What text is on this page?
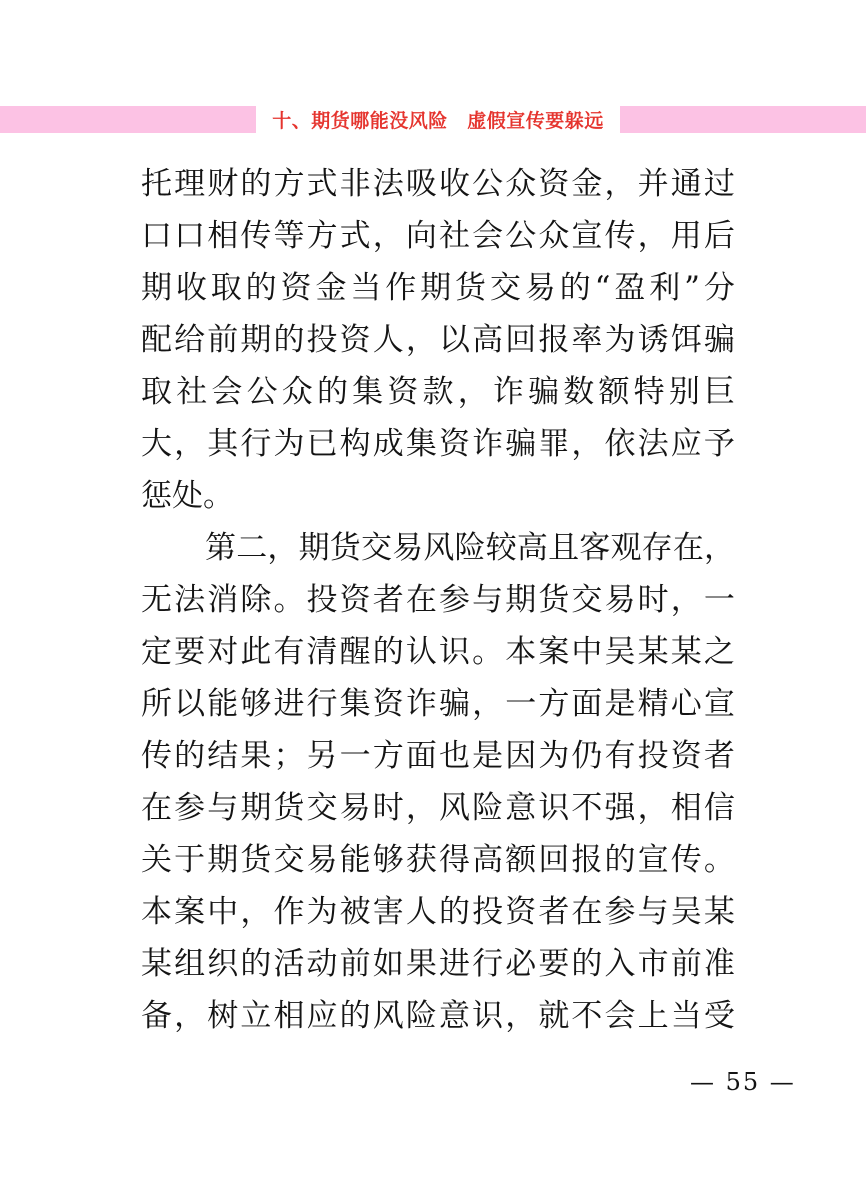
十、期货哪能没风险　虚假宣传要躲远
托 理 财 的 方 式 非 法 吸 收 公 众 资 金 ， 并 通 过
口 口 相 传 等 方 式 ， 向 社 会 公 众 宣 传 ， 用 后
期 收 取 的 资 金 当 作 期 货 交 易 的 “ 盈 利 ” 分
配 给 前 期 的 投 资 人 ， 以 高 回 报 率 为 诱 饵 骗
取 社 会 公 众 的 集 资 款 ， 诈 骗 数 额 特 别 巨
大 ， 其 行 为 已 构 成 集 资 诈 骗 罪 ， 依 法 应 予
惩处。
第 二 ， 期 货 交 易 风 险 较 高 且 客 观 存 在 ，
无 法 消 除 。 投 资 者 在 参 与 期 货 交 易 时 ， 一
定 要 对 此 有 清 醒 的 认 识 。 本 案 中 吴 某 某 之
所 以 能 够 进 行 集 资 诈 骗 ， 一 方 面 是 精 心 宣
传 的 结 果 ； 另 一 方 面 也 是 因 为 仍 有 投 资 者
在 参 与 期 货 交 易 时 ， 风 险 意 识 不 强 ， 相 信
关 于 期 货 交 易 能 够 获 得 高 额 回 报 的 宣 传 。
本 案 中 ， 作 为 被 害 人 的 投 资 者 在 参 与 吴 某
某 组 织 的 活 动 前 如 果 进 行 必 要 的 入 市 前 准
备 ， 树 立 相 应 的 风 险 意 识 ， 就 不 会 上 当 受
— 55 —
